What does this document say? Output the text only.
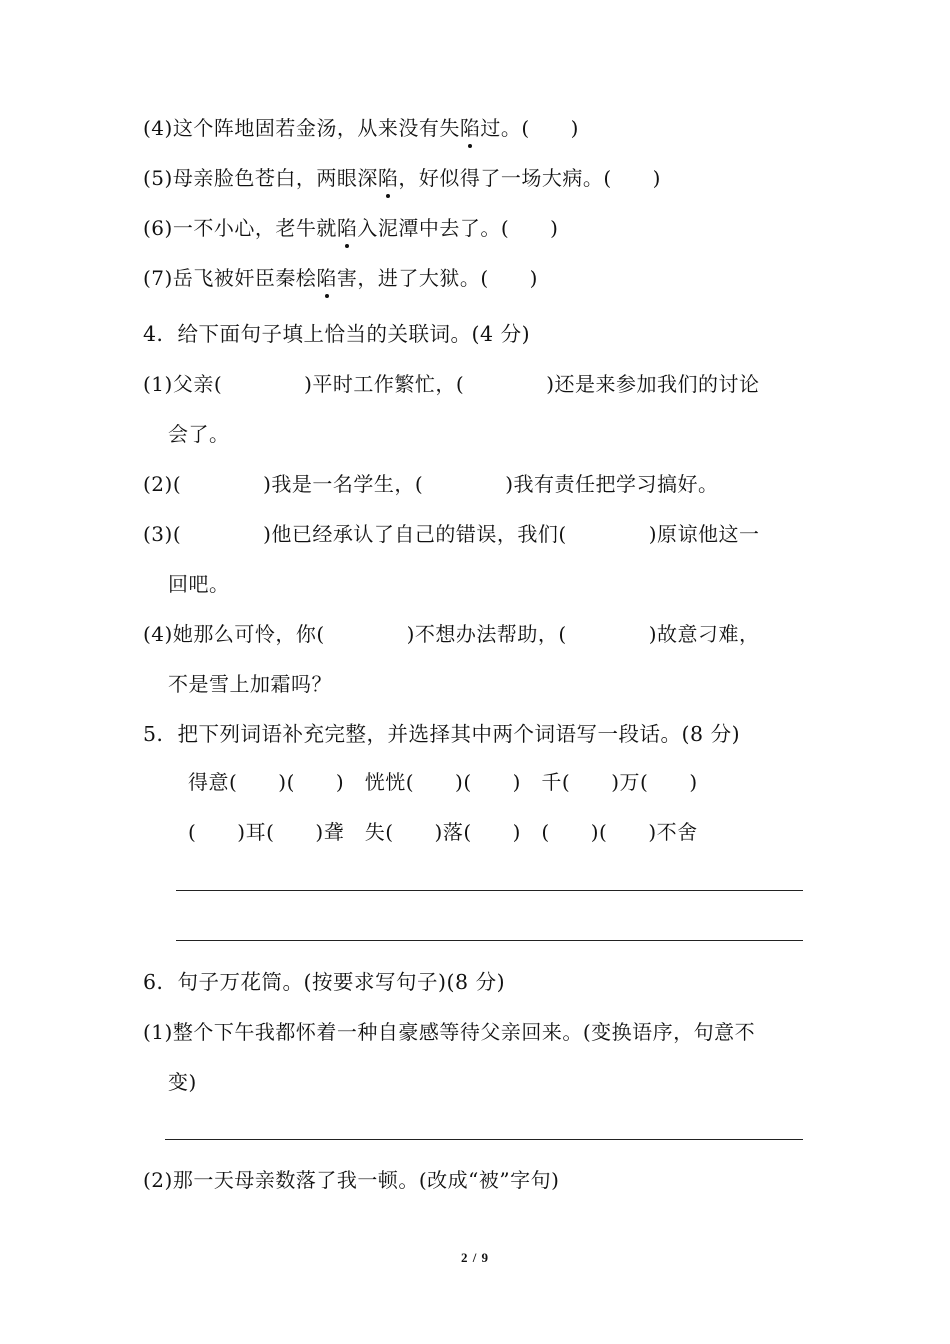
(4)这个阵地固若金汤，从来没有失陷过。(　　)
(5)母亲脸色苍白，两眼深陷，好似得了一场大病。(　　)
(6)一不小心，老牛就陷入泥潭中去了。(　　)
(7)岳飞被奸臣秦桧陷害，进了大狱。(　　)
4．给下面句子填上恰当的关联词。(4 分)
(1)父亲(　　　　)平时工作繁忙，(　　　　)还是来参加我们的讨论
会了。
(2)(　　　　)我是一名学生，(　　　　)我有责任把学习搞好。
(3)(　　　　)他已经承认了自己的错误，我们(　　　　)原谅他这一
回吧。
(4)她那么可怜，你(　　　　)不想办法帮助，(　　　　)故意刁难，
不是雪上加霜吗？
5．把下列词语补充完整，并选择其中两个词语写一段话。(8 分)
得意(　　)(　　)　恍恍(　　)(　　)　千(　　)万(　　)
(　　)耳(　　)聋　失(　　)落(　　)　(　　)(　　)不舍
6．句子万花筒。(按要求写句子)(8 分)
(1)整个下午我都怀着一种自豪感等待父亲回来。(变换语序，句意不
变)
(2)那一天母亲数落了我一顿。(改成“被”字句)
2 / 9
